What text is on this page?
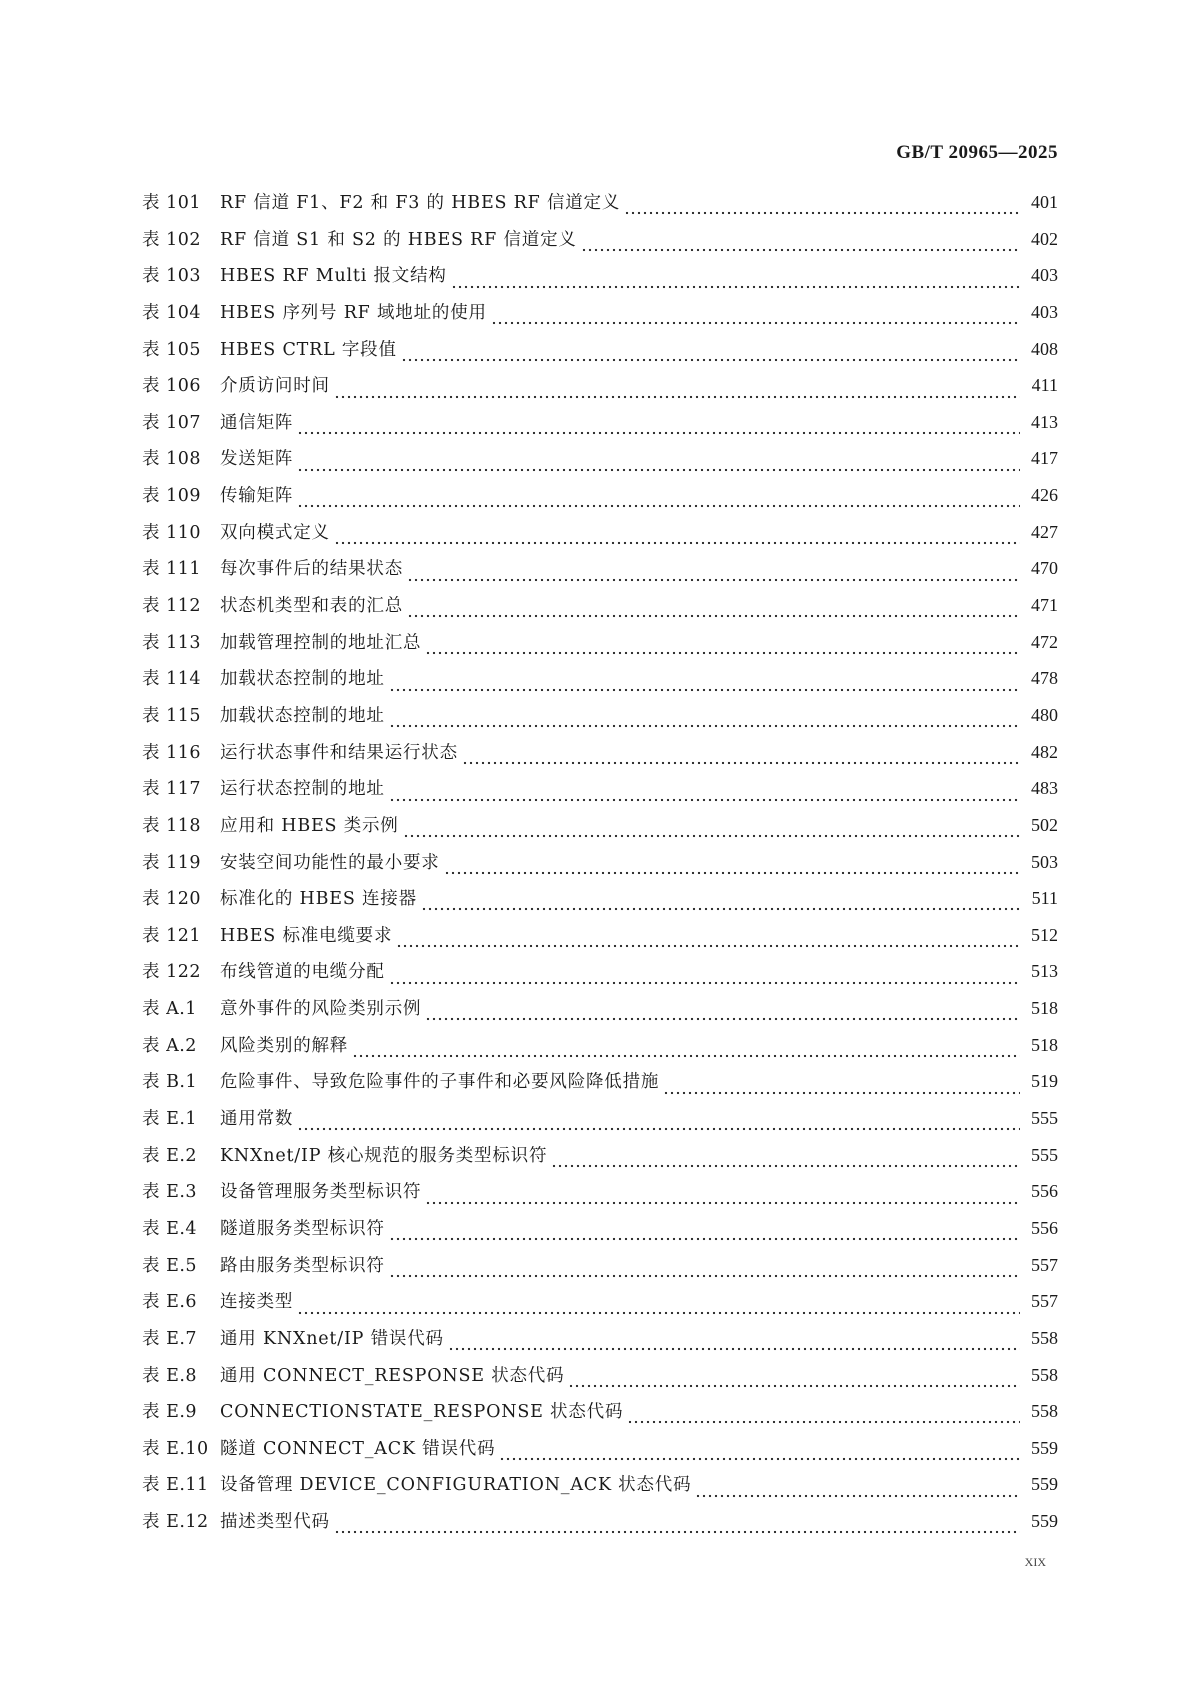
GB/T 20965—2025
表 101	RF 信道 F1、F2 和 F3 的 HBES RF 信道定义	401
表 102	RF 信道 S1 和 S2 的 HBES RF 信道定义	402
表 103	HBES RF Multi 报文结构	403
表 104	HBES 序列号 RF 域地址的使用	403
表 105	HBES CTRL 字段值	408
表 106	介质访问时间	411
表 107	通信矩阵	413
表 108	发送矩阵	417
表 109	传输矩阵	426
表 110	双向模式定义	427
表 111	每次事件后的结果状态	470
表 112	状态机类型和表的汇总	471
表 113	加载管理控制的地址汇总	472
表 114	加载状态控制的地址	478
表 115	加载状态控制的地址	480
表 116	运行状态事件和结果运行状态	482
表 117	运行状态控制的地址	483
表 118	应用和 HBES 类示例	502
表 119	安装空间功能性的最小要求	503
表 120	标准化的 HBES 连接器	511
表 121	HBES 标准电缆要求	512
表 122	布线管道的电缆分配	513
表 A.1	意外事件的风险类别示例	518
表 A.2	风险类别的解释	518
表 B.1	危险事件、导致危险事件的子事件和必要风险降低措施	519
表 E.1	通用常数	555
表 E.2	KNXnet/IP 核心规范的服务类型标识符	555
表 E.3	设备管理服务类型标识符	556
表 E.4	隧道服务类型标识符	556
表 E.5	路由服务类型标识符	557
表 E.6	连接类型	557
表 E.7	通用 KNXnet/IP 错误代码	558
表 E.8	通用 CONNECT_RESPONSE 状态代码	558
表 E.9	CONNECTIONSTATE_RESPONSE 状态代码	558
表 E.10 隧道 CONNECT_ACK 错误代码	559
表 E.11 设备管理 DEVICE_CONFIGURATION_ACK 状态代码	559
表 E.12 描述类型代码	559
XIX
